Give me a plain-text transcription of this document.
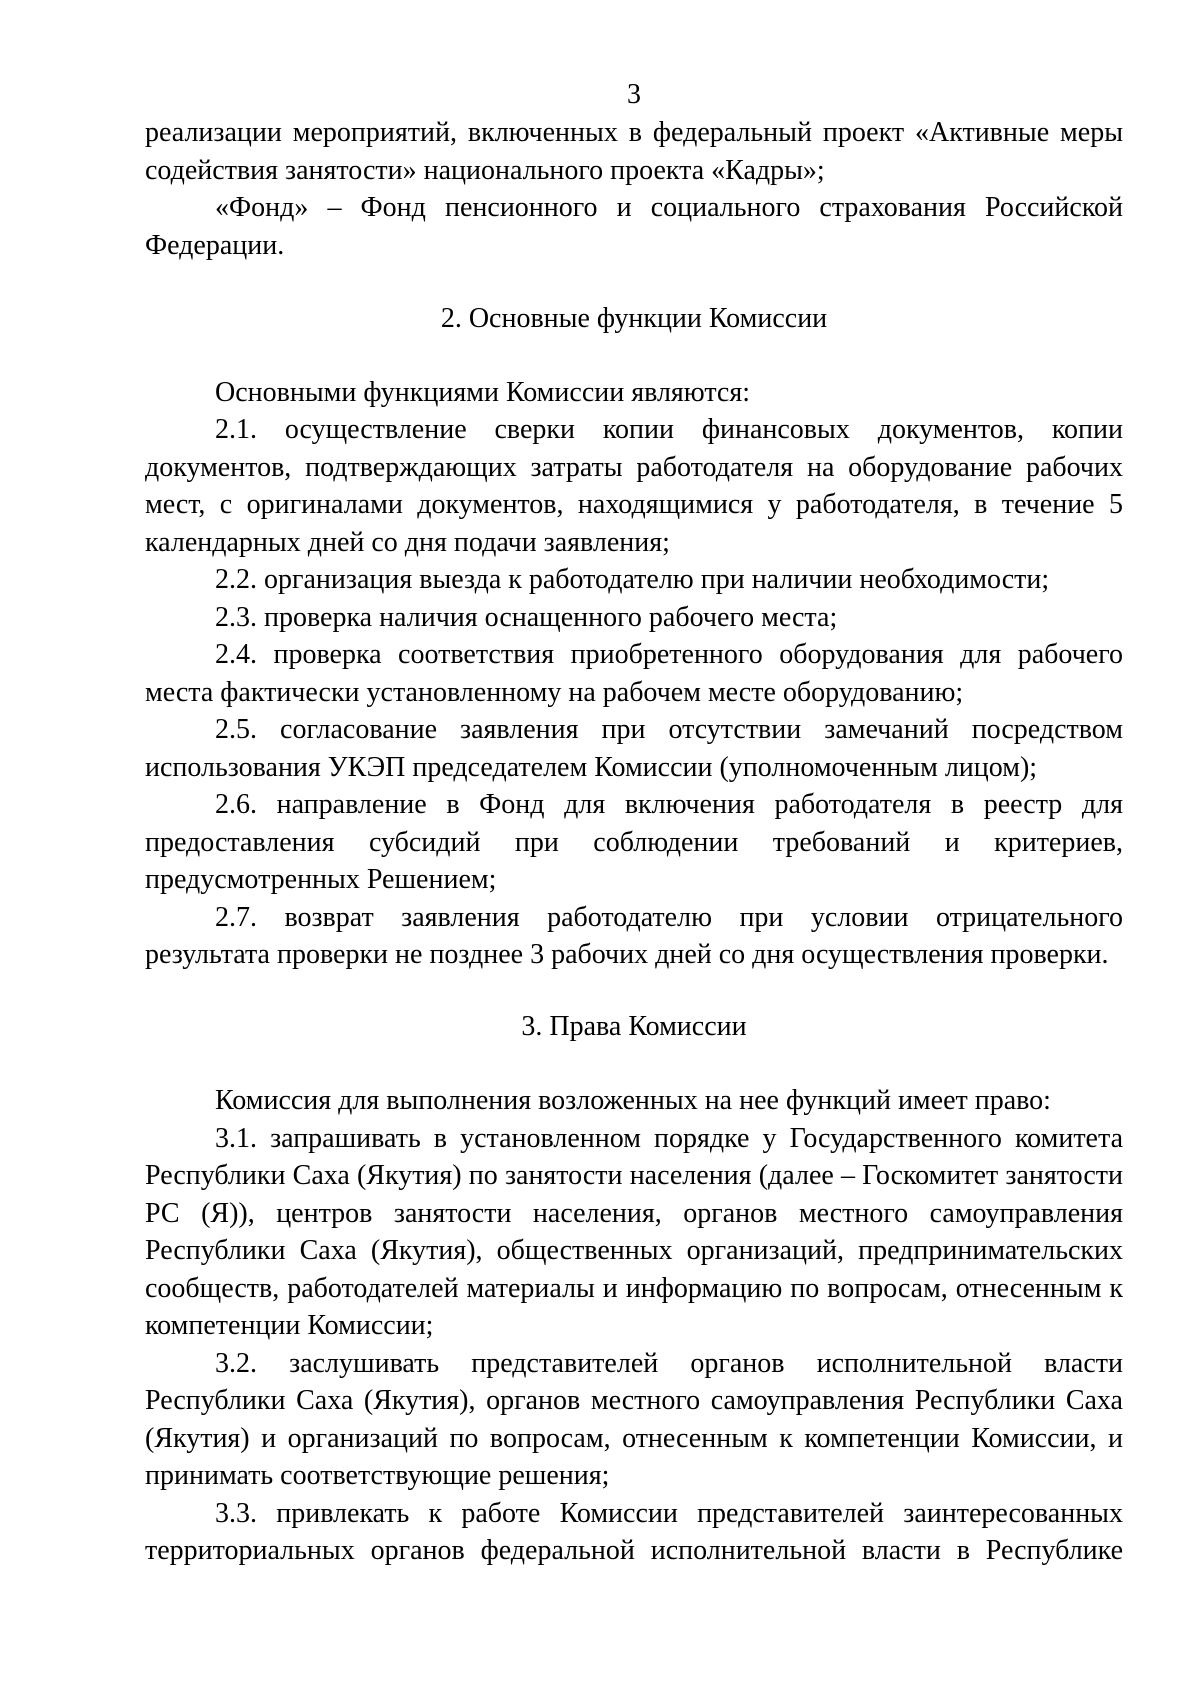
3

реализации мероприятий, включенных в федеральный проект «Активные меры содействия занятости» национального проекта «Кадры»;

«Фонд» – Фонд пенсионного и социального страхования Российской Федерации.

2. Основные функции Комиссии

Основными функциями Комиссии являются:

2.1. осуществление сверки копии финансовых документов, копии документов, подтверждающих затраты работодателя на оборудование рабочих мест, с оригиналами документов, находящимися у работодателя, в течение 5 календарных дней со дня подачи заявления;

2.2. организация выезда к работодателю при наличии необходимости;

2.3. проверка наличия оснащенного рабочего места;

2.4. проверка соответствия приобретенного оборудования для рабочего места фактически установленному на рабочем месте оборудованию;

2.5. согласование заявления при отсутствии замечаний посредством использования УКЭП председателем Комиссии (уполномоченным лицом);

2.6. направление в Фонд для включения работодателя в реестр для предоставления субсидий при соблюдении требований и критериев, предусмотренных Решением;

2.7. возврат заявления работодателю при условии отрицательного результата проверки не позднее 3 рабочих дней со дня осуществления проверки.

3. Права Комиссии

Комиссия для выполнения возложенных на нее функций имеет право:

3.1. запрашивать в установленном порядке у Государственного комитета Республики Саха (Якутия) по занятости населения (далее – Госкомитет занятости РС (Я)), центров занятости населения, органов местного самоуправления Республики Саха (Якутия), общественных организаций, предпринимательских сообществ, работодателей материалы и информацию по вопросам, отнесенным к компетенции Комиссии;

3.2. заслушивать представителей органов исполнительной власти Республики Саха (Якутия), органов местного самоуправления Республики Саха (Якутия) и организаций по вопросам, отнесенным к компетенции Комиссии, и принимать соответствующие решения;

3.3. привлекать к работе Комиссии представителей заинтересованных территориальных органов федеральной исполнительной власти в Республике
